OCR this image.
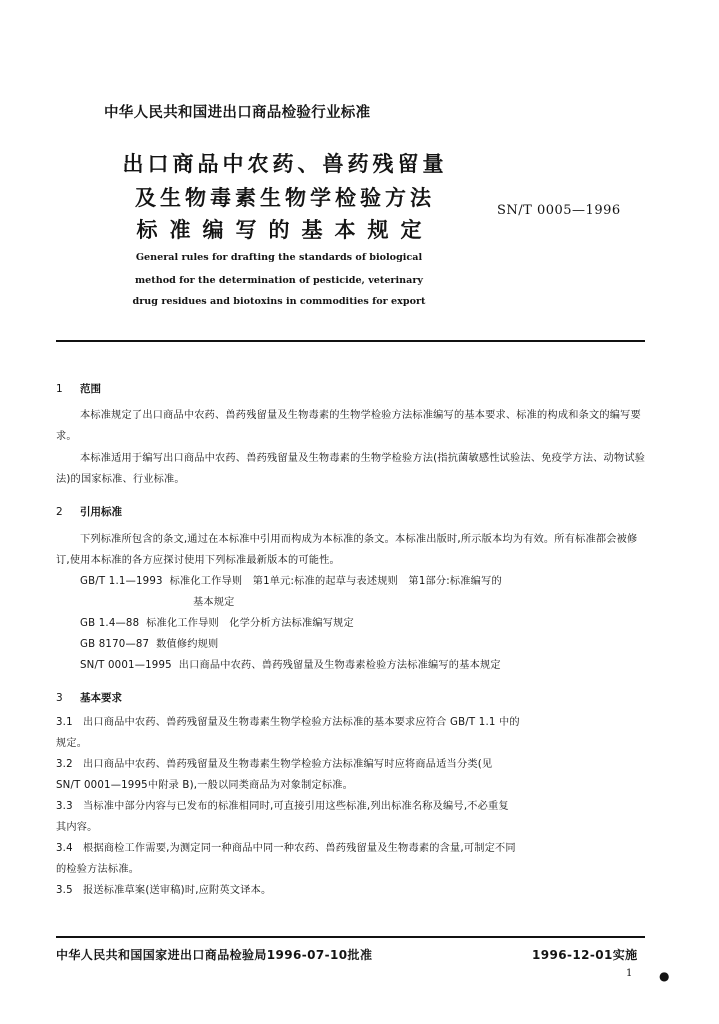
中华人民共和国进出口商品检验行业标准
出口商品中农药、兽药残留量
及生物毒素生物学检验方法
标准编写的基本规定
SN/T 0005—1996
General rules for drafting the standards of biological
method for the determination of pesticide, veterinary
drug residues and biotoxins in commodities for export
1 范围
本标准规定了出口商品中农药、兽药残留量及生物毒素的生物学检验方法标准编写的基本要求、标准的构成和条文的编写要求。
本标准适用于编写出口商品中农药、兽药残留量及生物毒素的生物学检验方法(指抗菌敏感性试验法、免疫学方法、动物试验法)的国家标准、行业标准。
2 引用标准
下列标准所包含的条文,通过在本标准中引用而构成为本标准的条文。本标准出版时,所示版本均为有效。所有标准都会被修订,使用本标准的各方应探讨使用下列标准最新版本的可能性。
GB/T 1.1—1993 标准化工作导则　第1单元:标准的起草与表述规则　第1部分:标准编写的
基本规定
GB 1.4—88 标准化工作导则　化学分析方法标准编写规定
GB 8170—87 数值修约规则
SN/T 0001—1995 出口商品中农药、兽药残留量及生物毒素检验方法标准编写的基本规定
3 基本要求
3.1 出口商品中农药、兽药残留量及生物毒素生物学检验方法标准的基本要求应符合 GB/T 1.1 中的
规定。
3.2 出口商品中农药、兽药残留量及生物毒素生物学检验方法标准编写时应将商品适当分类(见
SN/T 0001—1995中附录 B),一般以同类商品为对象制定标准。
3.3 当标准中部分内容与已发布的标准相同时,可直接引用这些标准,列出标准名称及编号,不必重复
其内容。
3.4 根据商检工作需要,为测定同一种商品中同一种农药、兽药残留量及生物毒素的含量,可制定不同
的检验方法标准。
3.5 报送标准草案(送审稿)时,应附英文译本。
中华人民共和国国家进出口商品检验局1996-07-10批准	1996-12-01实施
1 ●
